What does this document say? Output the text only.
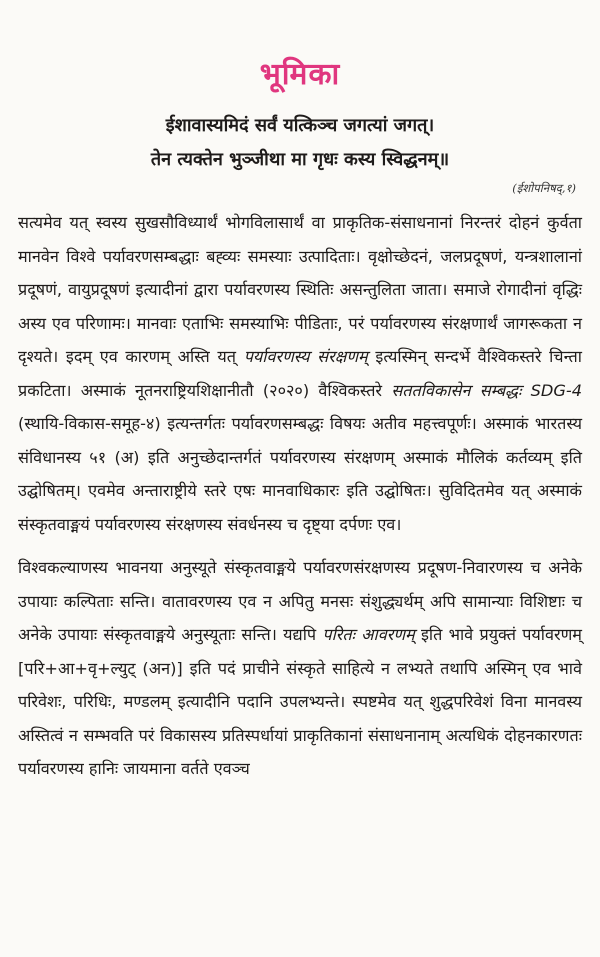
भूमिका
ईशावास्यमिदं सर्वं यत्किञ्च जगत्यां जगत्।
तेन त्यक्तेन भुञ्जीथा मा गृधः कस्य स्विद्धनम्॥
(ईशोपनिषद्,१)

सत्यमेव यत् स्वस्य सुखसौविध्यार्थं भोगविलासार्थं वा प्राकृतिक-संसाधनानां निरन्तरं दोहनं कुर्वता मानवेन विश्वे पर्यावरणसम्बद्धाः बह्व्यः समस्याः उत्पादिताः। वृक्षोच्छेदनं, जलप्रदूषणं, यन्त्रशालानां प्रदूषणं, वायुप्रदूषणं इत्यादीनां द्वारा पर्यावरणस्य स्थितिः असन्तुलिता जाता। समाजे रोगादीनां वृद्धिः अस्य एव परिणामः। मानवाः एताभिः समस्याभिः पीडिताः, परं पर्यावरणस्य संरक्षणार्थं जागरूकता न दृश्यते। इदम् एव कारणम् अस्ति यत् पर्यावरणस्य संरक्षणम् इत्यस्मिन् सन्दर्भे वैश्विकस्तरे चिन्ता प्रकटिता। अस्माकं नूतनराष्ट्रियशिक्षानीतौ (२०२०) वैश्विकस्तरे सततविकासेन सम्बद्धः SDG-4 (स्थायि-विकास-समूह-४) इत्यन्तर्गतः पर्यावरणसम्बद्धः विषयः अतीव महत्त्वपूर्णः। अस्माकं भारतस्य संविधानस्य ५१ (अ) इति अनुच्छेदान्तर्गतं पर्यावरणस्य संरक्षणम् अस्माकं मौलिकं कर्तव्यम् इति उद्घोषितम्। एवमेव अन्ताराष्ट्रीये स्तरे एषः मानवाधिकारः इति उद्घोषितः। सुविदितमेव यत् अस्माकं संस्कृतवाङ्मयं पर्यावरणस्य संरक्षणस्य संवर्धनस्य च दृष्ट्या दर्पणः एव।

विश्वकल्याणस्य भावनया अनुस्यूते संस्कृतवाङ्मये पर्यावरणसंरक्षणस्य प्रदूषण-निवारणस्य च अनेके उपायाः कल्पिताः सन्ति। वातावरणस्य एव न अपितु मनसः संशुद्ध्यर्थम् अपि सामान्याः विशिष्टाः च अनेके उपायाः संस्कृतवाङ्मये अनुस्यूताः सन्ति। यद्यपि परितः आवरणम् इति भावे प्रयुक्तं पर्यावरणम् [परि+आ+वृ+ल्युट् (अन)] इति पदं प्राचीने संस्कृते साहित्ये न लभ्यते तथापि अस्मिन् एव भावे परिवेशः, परिधिः, मण्डलम् इत्यादीनि पदानि उपलभ्यन्ते। स्पष्टमेव यत् शुद्धपरिवेशं विना मानवस्य अस्तित्वं न सम्भवति परं विकासस्य प्रतिस्पर्धायां प्राकृतिकानां संसाधनानाम् अत्यधिकं दोहनकारणतः पर्यावरणस्य हानिः जायमाना वर्तते एवञ्च
